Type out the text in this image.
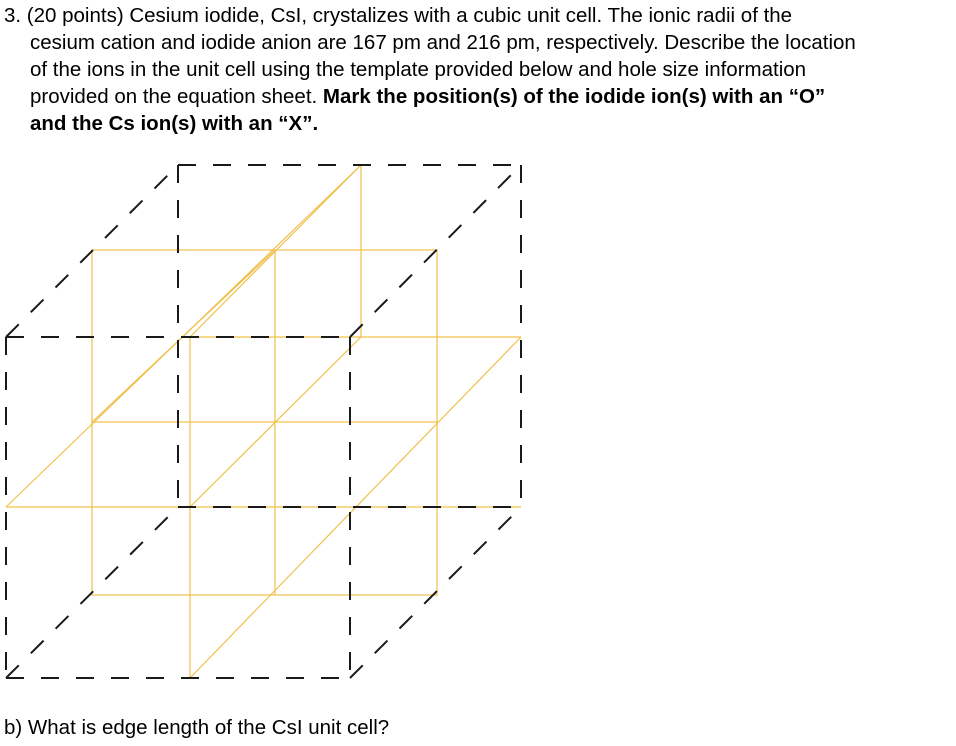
3. (20 points) Cesium iodide, CsI, crystalizes with a cubic unit cell. The ionic radii of the
cesium cation and iodide anion are 167 pm and 216 pm, respectively. Describe the location
of the ions in the unit cell using the template provided below and hole size information
provided on the equation sheet. Mark the position(s) of the iodide ion(s) with an “O”
and the Cs ion(s) with an “X”.
b) What is edge length of the CsI unit cell?
